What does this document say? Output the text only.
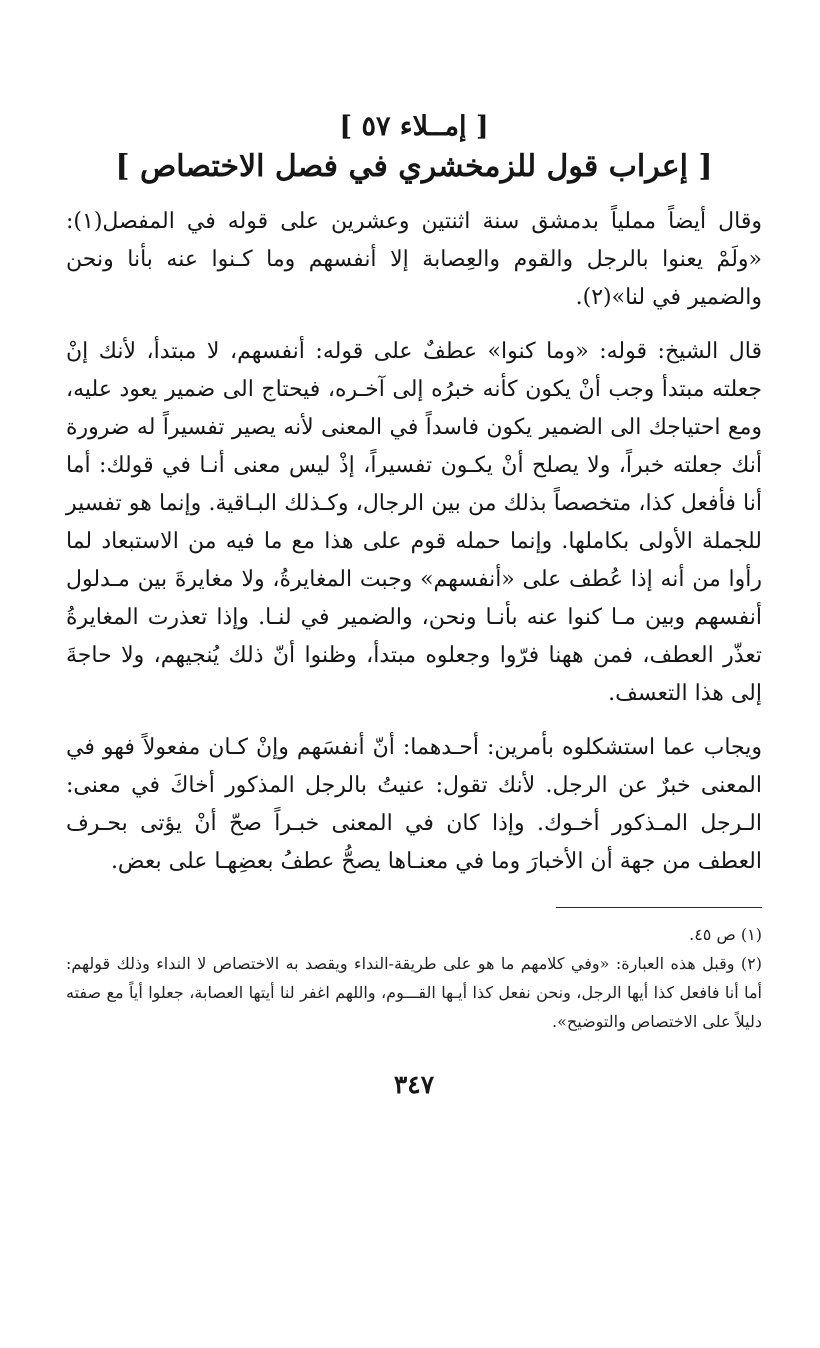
[ إمــلاء ٥٧ ]
[ إعراب قول للزمخشري في فصل الاختصاص ]

وقال أيضاً مملياً بدمشق سنة اثنتين وعشرين على قوله في المفصل(١): «ولَمْ يعنوا بالرجل والقوم والعِصابة إلا أنفسهم وما كـنوا عنه بأنا ونحن والضمير في لنا»(٢).

قال الشيخ: قوله: «وما كنوا» عطفٌ على قوله: أنفسهم، لا مبتدأ، لأنك إنْ جعلته مبتدأ وجب أنْ يكون كأنه خبرُه إلى آخـره، فيحتاج الى ضمير يعود عليه، ومع احتياجك الى الضمير يكون فاسداً في المعنى لأنه يصير تفسيراً له ضرورة أنك جعلته خبراً، ولا يصلح أنْ يكـون تفسيراً، إذْ ليس معنى أنـا في قولك: أما أنا فأفعل كذا، متخصصاً بذلك من بين الرجال، وكـذلك البـاقية. وإنما هو تفسير للجملة الأولى بكاملها. وإنما حمله قوم على هذا مع ما فيه من الاستبعاد لما رأوا من أنه إذا عُطف على «أنفسهم» وجبت المغايرةُ، ولا مغايرةَ بين مـدلول أنفسهم وبين مـا كنوا عنه بأنـا ونحن، والضمير في لنـا. وإذا تعذرت المغايرةُ تعذّر العطف، فمن ههنا فرّوا وجعلوه مبتدأ، وظنوا أنّ ذلك يُنجيهم، ولا حاجةَ إلى هذا التعسف.

ويجاب عما استشكلوه بأمرين: أحـدهما: أنّ أنفسَهم وإنْ كـان مفعولاً فهو في المعنى خبرٌ عن الرجل. لأنك تقول: عنيتُ بالرجل المذكور أخاكَ في معنى: الـرجل المـذكور أخـوك. وإذا كان في المعنى خبـراً صحّ أنْ يؤتى بحـرف العطف من جهة أن الأخبارَ وما في معنـاها يصحُّ عطفُ بعضِهـا على بعض.

(١) ص ٤٥.

(٢) وقبل هذه العبارة: «وفي كلامهم ما هو على طريقة-النداء ويقصد به الاختصاص لا النداء وذلك قولهم: أما أنا فافعل كذا أيها الرجل، ونحن نفعل كذا أيـها القـــوم، واللهم اغفر لنا أيتها العصابة، جعلوا أياً مع صفته دليلاً على الاختصاص والتوضيح».

٣٤٧
